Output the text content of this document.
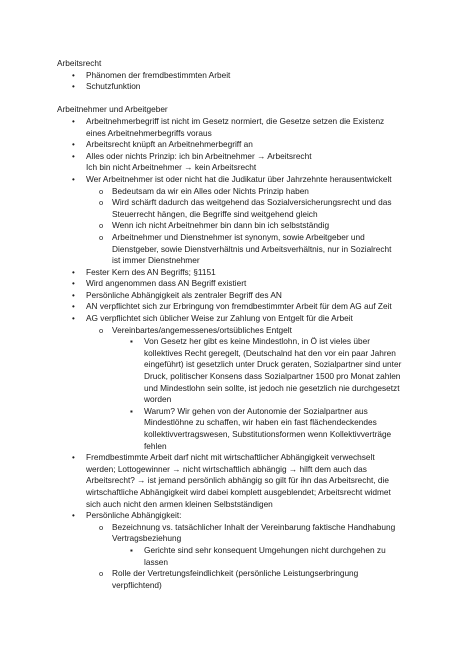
Arbeitsrecht
• Phänomen der fremdbestimmten Arbeit
• Schutzfunktion
Arbeitnehmer und Arbeitgeber
• Arbeitnehmerbegriff ist nicht im Gesetz normiert, die Gesetze setzen die Existenz
eines Arbeitnehmerbegriffs voraus
• Arbeitsrecht knüpft an Arbeitnehmerbegriff an
• Alles oder nichts Prinzip: ich bin Arbeitnehmer → Arbeitsrecht
Ich bin nicht Arbeitnehmer → kein Arbeitsrecht
• Wer Arbeitnehmer ist oder nicht hat die Judikatur über Jahrzehnte herausentwickelt
o Bedeutsam da wir ein Alles oder Nichts Prinzip haben
o Wird schärft dadurch das weitgehend das Sozialversicherungsrecht und das
Steuerrecht hängen, die Begriffe sind weitgehend gleich
o Wenn ich nicht Arbeitnehmer bin dann bin ich selbstständig
o Arbeitnehmer und Dienstnehmer ist synonym, sowie Arbeitgeber und
Dienstgeber, sowie Dienstverhältnis und Arbeitsverhältnis, nur in Sozialrecht
ist immer Dienstnehmer
• Fester Kern des AN Begriffs; §1151
• Wird angenommen dass AN Begriff existiert
• Persönliche Abhängigkeit als zentraler Begriff des AN
• AN verpflichtet sich zur Erbringung von fremdbestimmter Arbeit für dem AG auf Zeit
• AG verpflichtet sich üblicher Weise zur Zahlung von Entgelt für die Arbeit
o Vereinbartes/angemessenes/ortsübliches Entgelt
▪ Von Gesetz her gibt es keine Mindestlohn, in Ö ist vieles über
kollektives Recht geregelt, (Deutschalnd hat den vor ein paar Jahren
eingeführt) ist gesetzlich unter Druck geraten, Sozialpartner sind unter
Druck, politischer Konsens dass Sozialpartner 1500 pro Monat zahlen
und Mindestlohn sein sollte, ist jedoch nie gesetzlich nie durchgesetzt
worden
▪ Warum? Wir gehen von der Autonomie der Sozialpartner aus
Mindestlöhne zu schaffen, wir haben ein fast flächendeckendes
kollektivvertragswesen, Substitutionsformen wenn Kollektivverträge
fehlen
• Fremdbestimmte Arbeit darf nicht mit wirtschaftlicher Abhängigkeit verwechselt
werden; Lottogewinner → nicht wirtschaftlich abhängig → hilft dem auch das
Arbeitsrecht? → ist jemand persönlich abhängig so gilt für ihn das Arbeitsrecht, die
wirtschaftliche Abhängigkeit wird dabei komplett ausgeblendet; Arbeitsrecht widmet
sich auch nicht den armen kleinen Selbstständigen
• Persönliche Abhängigkeit:
o Bezeichnung vs. tatsächlicher Inhalt der Vereinbarung faktische Handhabung
Vertragsbeziehung
▪ Gerichte sind sehr konsequent Umgehungen nicht durchgehen zu
lassen
o Rolle der Vertretungsfeindlichkeit (persönliche Leistungserbringung
verpflichtend)
